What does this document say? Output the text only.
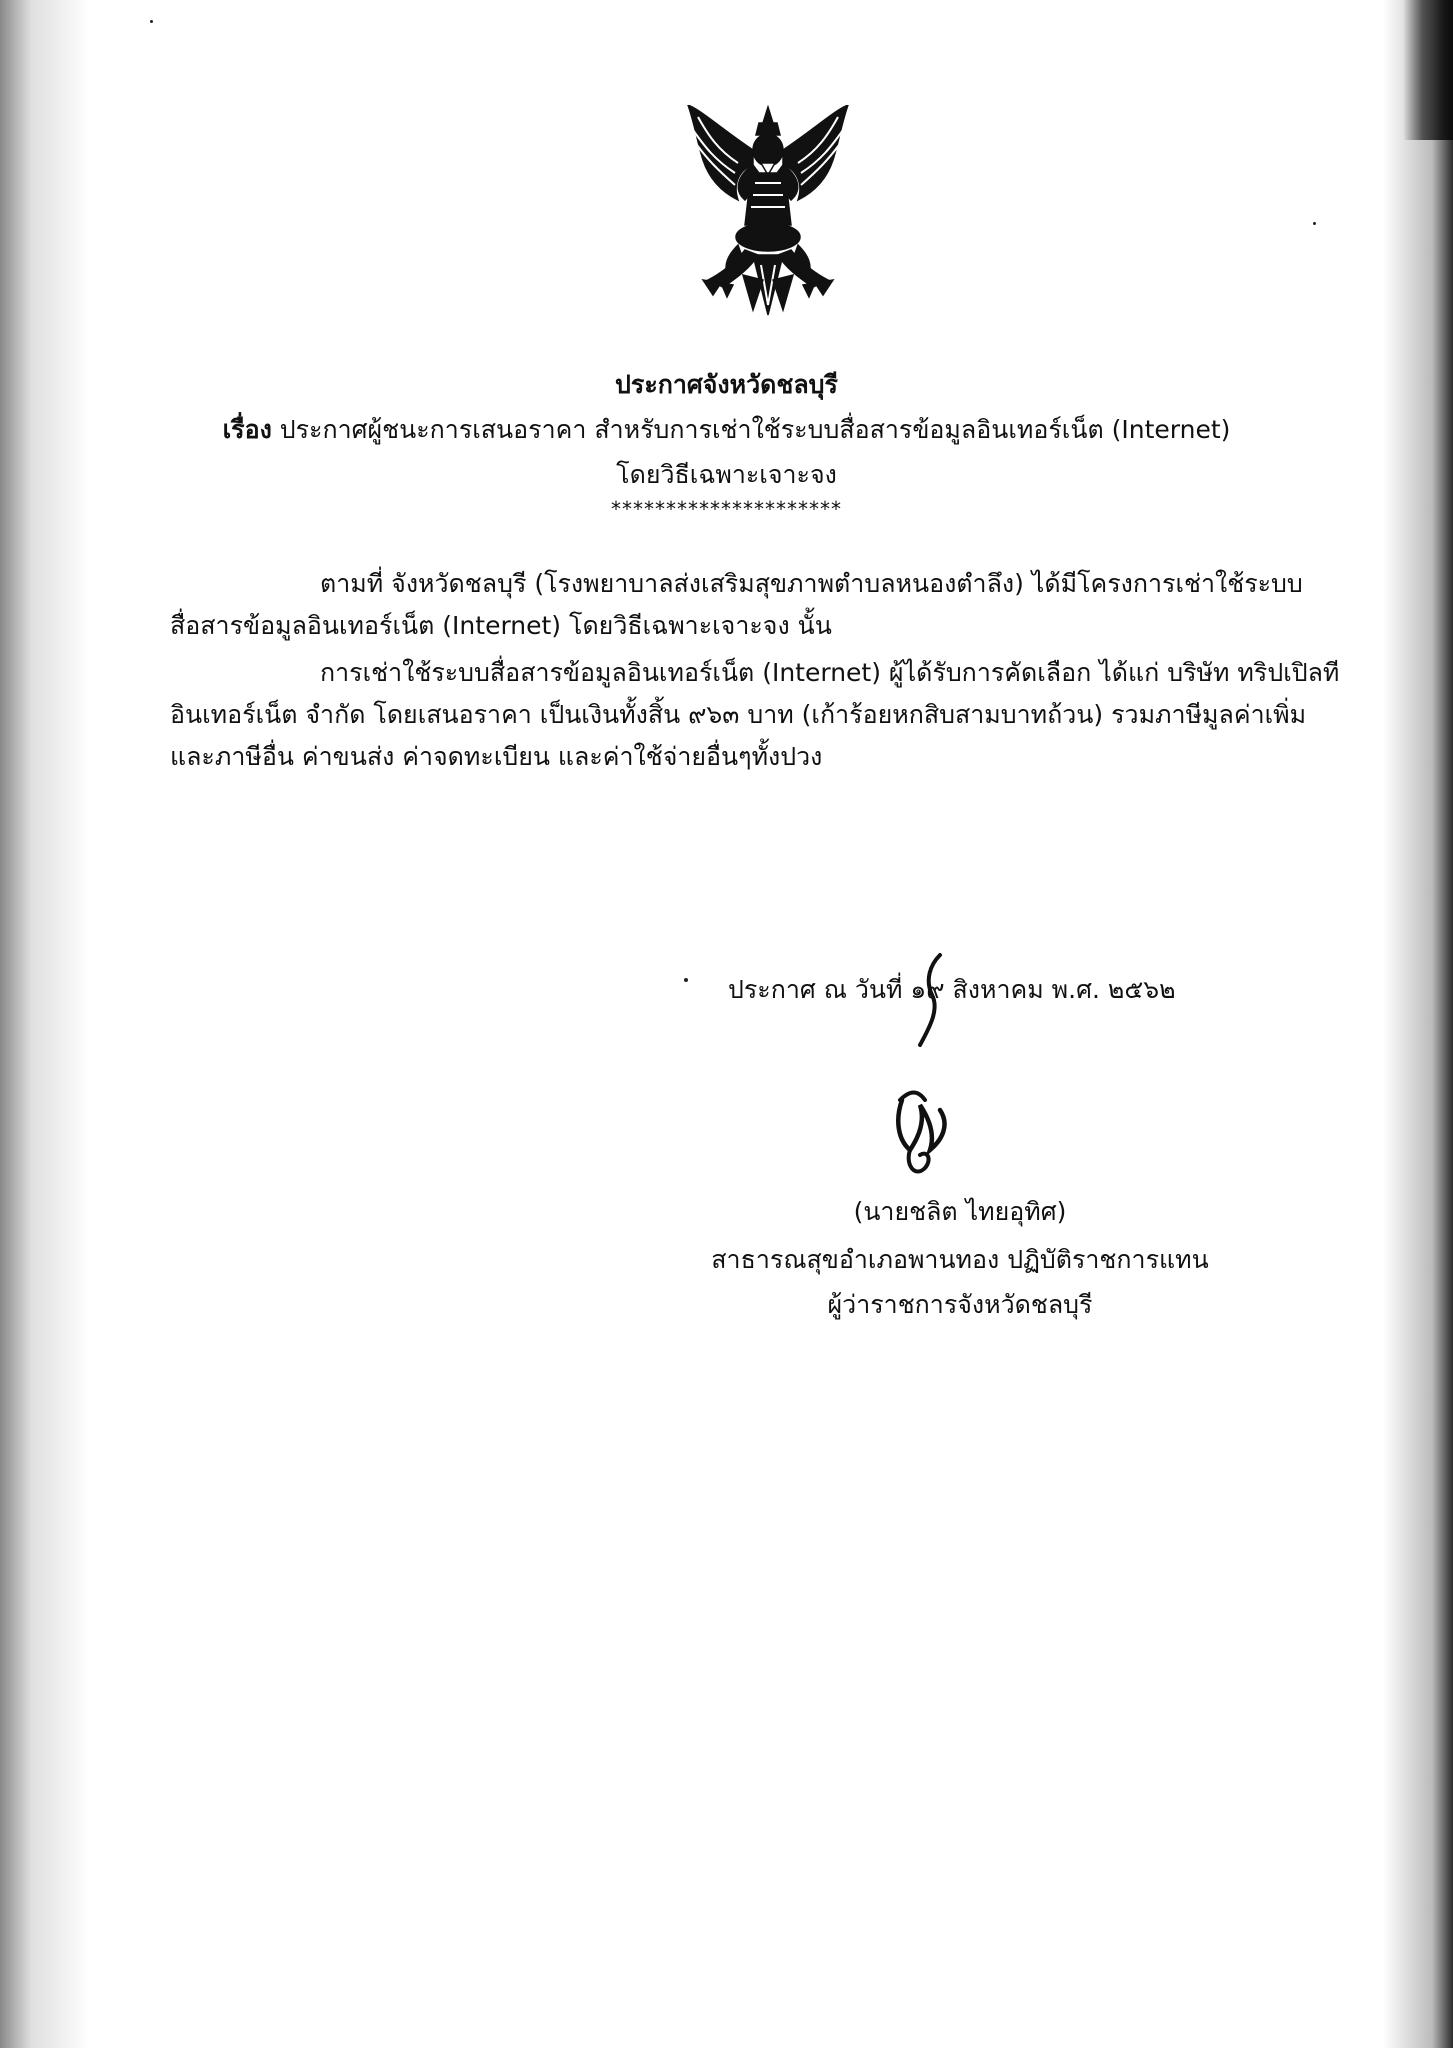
ประกาศจังหวัดชลบุรี
เรื่อง ประกาศผู้ชนะการเสนอราคา สำหรับการเช่าใช้ระบบสื่อสารข้อมูลอินเทอร์เน็ต (Internet)
โดยวิธีเฉพาะเจาะจง
*********************
ตามที่ จังหวัดชลบุรี (โรงพยาบาลส่งเสริมสุขภาพตำบลหนองตำลึง) ได้มีโครงการเช่าใช้ระบบสื่อสารข้อมูลอินเทอร์เน็ต (Internet) โดยวิธีเฉพาะเจาะจง นั้น
การเช่าใช้ระบบสื่อสารข้อมูลอินเทอร์เน็ต (Internet) ผู้ได้รับการคัดเลือก ได้แก่ บริษัท ทริปเปิลที อินเทอร์เน็ต จำกัด โดยเสนอราคา เป็นเงินทั้งสิ้น ๙๖๓ บาท (เก้าร้อยหกสิบสามบาทถ้วน) รวมภาษีมูลค่าเพิ่มและภาษีอื่น ค่าขนส่ง ค่าจดทะเบียน และค่าใช้จ่ายอื่นๆทั้งปวง
ประกาศ ณ วันที่ ๑๙ สิงหาคม พ.ศ. ๒๕๖๒
(นายชลิต ไทยอุทิศ)
สาธารณสุขอำเภอพานทอง ปฏิบัติราชการแทน
ผู้ว่าราชการจังหวัดชลบุรี
